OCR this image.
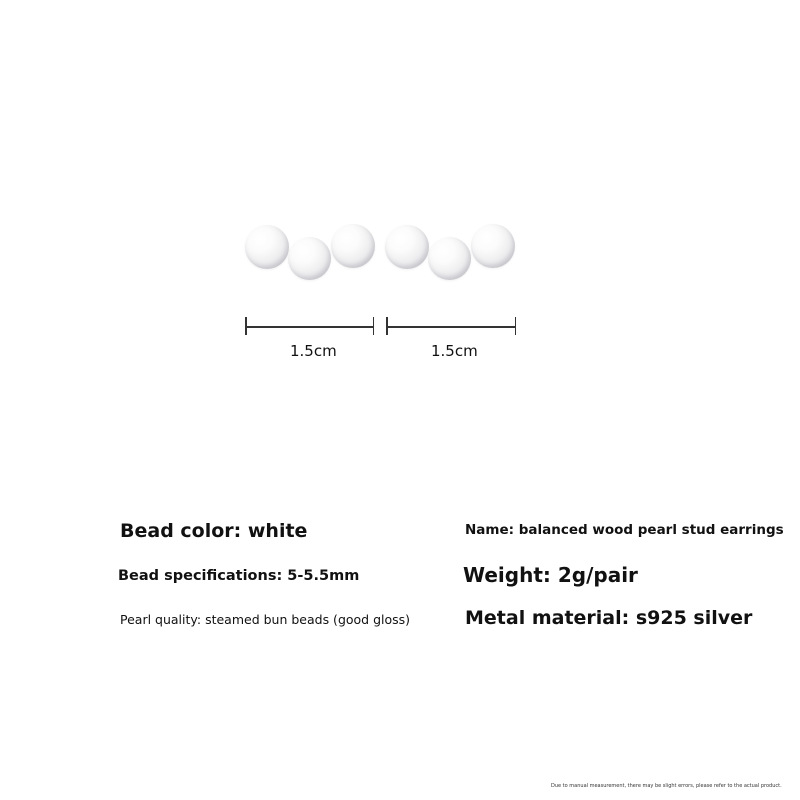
1.5cm	1.5cm
Bead color: white
Bead specifications: 5-5.5mm
Pearl quality: steamed bun beads (good gloss)
Name: balanced wood pearl stud earrings
Weight: 2g/pair
Metal material: s925 silver
Due to manual measurement, there may be slight errors, please refer to the actual product.
